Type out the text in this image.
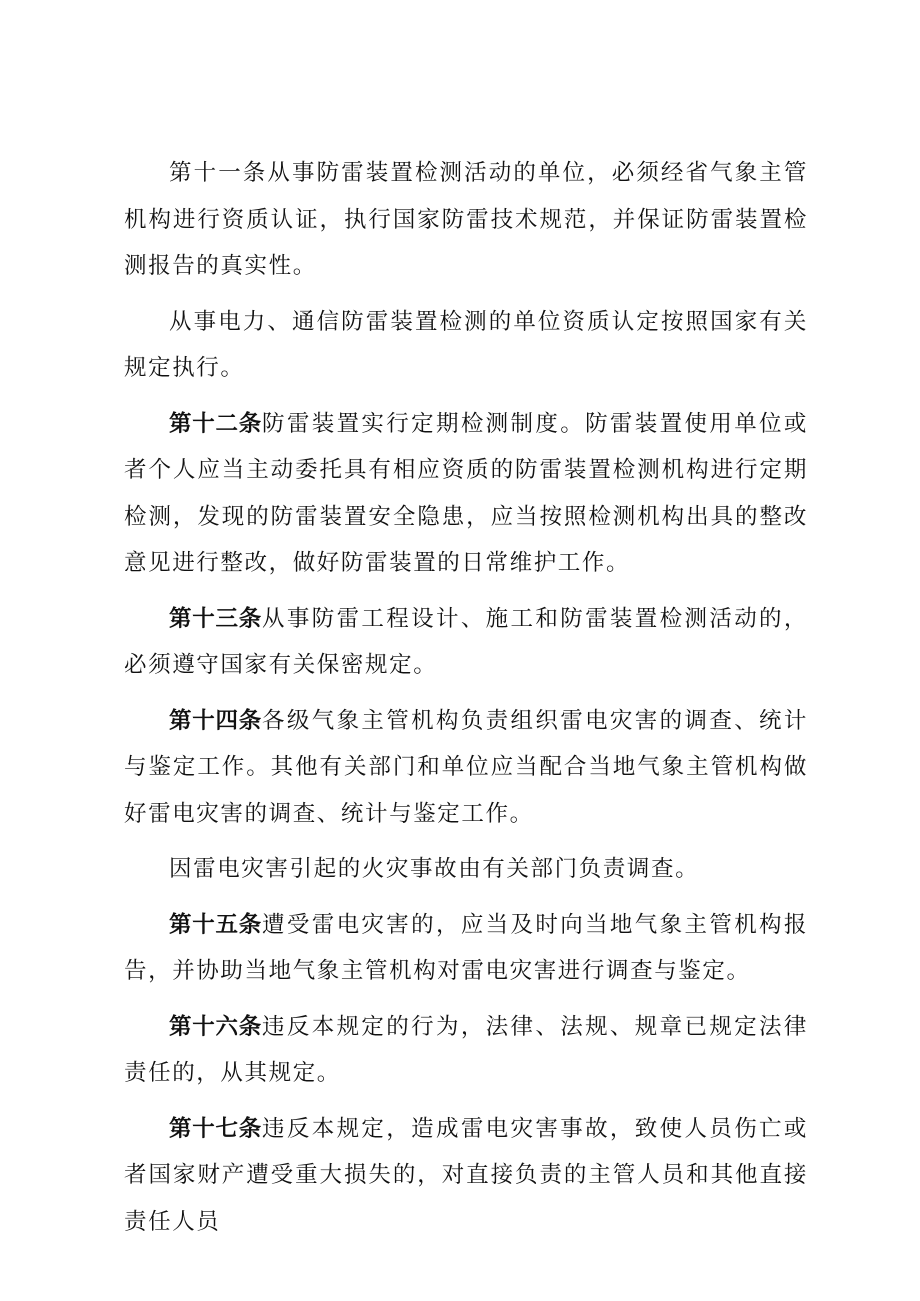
第十一条从事防雷装置检测活动的单位，必须经省气象主管机构进行资质认证，执行国家防雷技术规范，并保证防雷装置检测报告的真实性。

从事电力、通信防雷装置检测的单位资质认定按照国家有关规定执行。

第十二条防雷装置实行定期检测制度。防雷装置使用单位或者个人应当主动委托具有相应资质的防雷装置检测机构进行定期检测，发现的防雷装置安全隐患，应当按照检测机构出具的整改意见进行整改，做好防雷装置的日常维护工作。

第十三条从事防雷工程设计、施工和防雷装置检测活动的，必须遵守国家有关保密规定。

第十四条各级气象主管机构负责组织雷电灾害的调查、统计与鉴定工作。其他有关部门和单位应当配合当地气象主管机构做好雷电灾害的调查、统计与鉴定工作。

因雷电灾害引起的火灾事故由有关部门负责调查。

第十五条遭受雷电灾害的，应当及时向当地气象主管机构报告，并协助当地气象主管机构对雷电灾害进行调查与鉴定。

第十六条违反本规定的行为，法律、法规、规章已规定法律责任的，从其规定。

第十七条违反本规定，造成雷电灾害事故，致使人员伤亡或者国家财产遭受重大损失的，对直接负责的主管人员和其他直接责任人员
